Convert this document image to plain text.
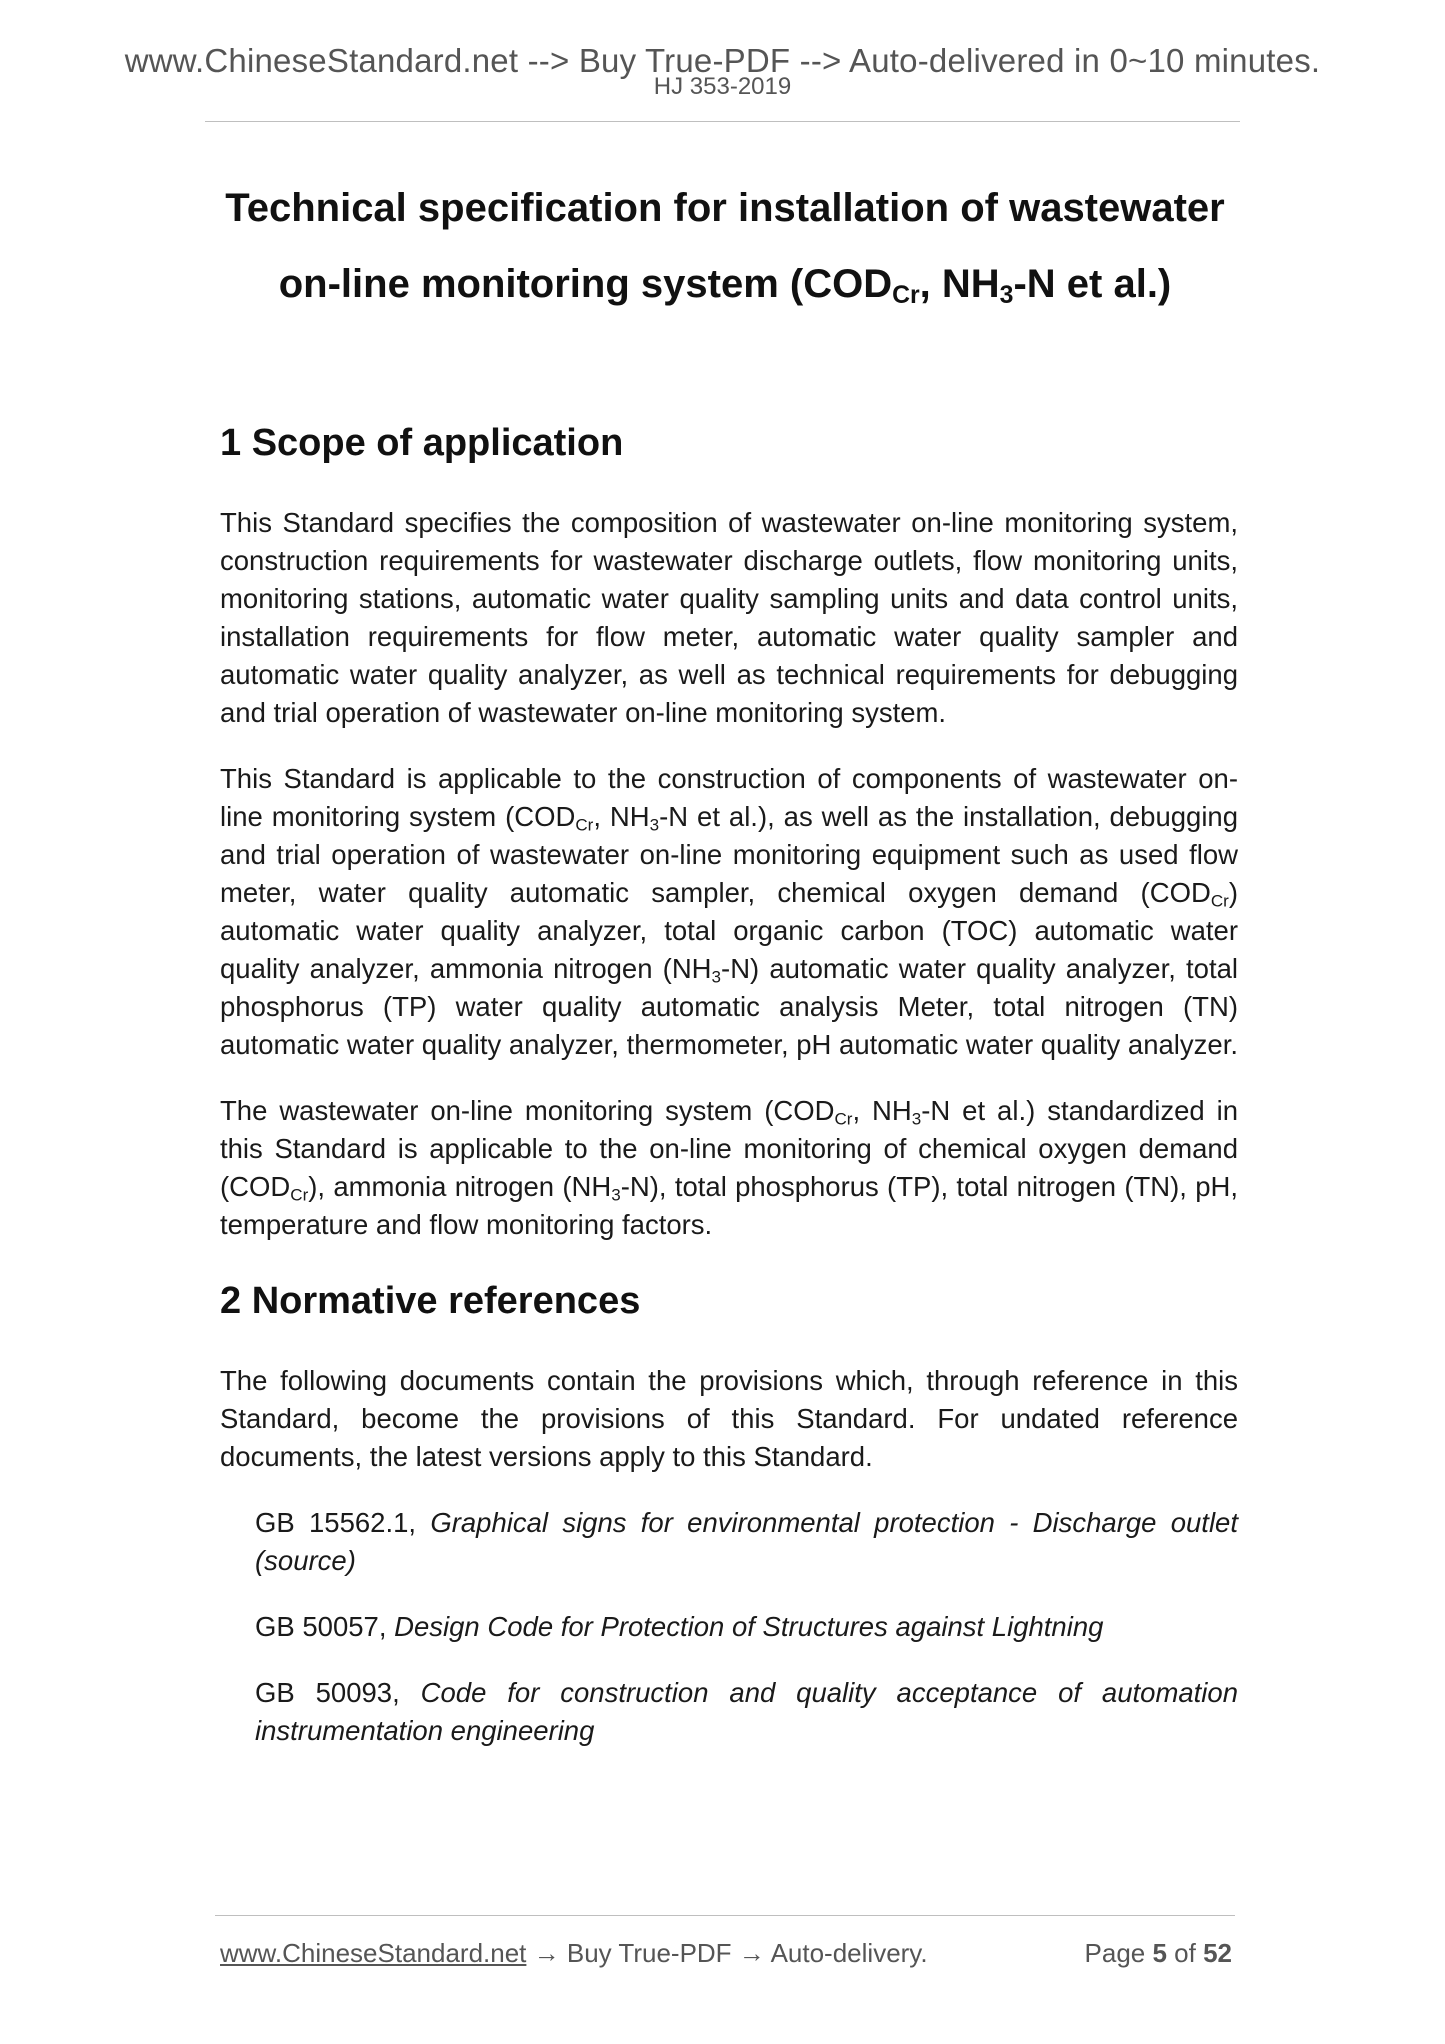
www.ChineseStandard.net --> Buy True-PDF --> Auto-delivered in 0~10 minutes.
HJ 353-2019
Technical specification for installation of wastewater
on-line monitoring system ($COD_{Cr}$, $NH_3-N$ et al.)
1 Scope of application

This Standard specifies the composition of wastewater on-line monitoring system, construction requirements for wastewater discharge outlets, flow monitoring units, monitoring stations, automatic water quality sampling units and data control units, installation requirements for flow meter, automatic water quality sampler and automatic water quality analyzer, as well as technical requirements for debugging and trial operation of wastewater on-line monitoring system.

This Standard is applicable to the construction of components of wastewater on-line monitoring system ($COD_{Cr}$, $NH_3-N$ et al.), as well as the installation, debugging and trial operation of wastewater on-line monitoring equipment such as used flow meter, water quality automatic sampler, chemical oxygen demand $(COD_{Cr})$ automatic water quality analyzer, total organic carbon (TOC) automatic water quality analyzer, ammonia nitrogen $(NH_3-N)$ automatic water quality analyzer, total phosphorus (TP) water quality automatic analysis Meter, total nitrogen (TN) automatic water quality analyzer, thermometer, pH automatic water quality analyzer.

The wastewater on-line monitoring system ($COD_{Cr}$, $NH_3-N$ et al.) standardized in this Standard is applicable to the on-line monitoring of chemical oxygen demand $(COD_{Cr})$, ammonia nitrogen $(NH_3-N)$, total phosphorus (TP), total nitrogen (TN), pH, temperature and flow monitoring factors.

2 Normative references

The following documents contain the provisions which, through reference in this Standard, become the provisions of this Standard. For undated reference documents, the latest versions apply to this Standard.

GB 15562.1, Graphical signs for environmental protection - Discharge outlet (source)
GB 50057, Design Code for Protection of Structures against Lightning
GB 50093, Code for construction and quality acceptance of automation instrumentation engineering
www.ChineseStandard.net → Buy True-PDF → Auto-delivery.	Page 5 of 52
